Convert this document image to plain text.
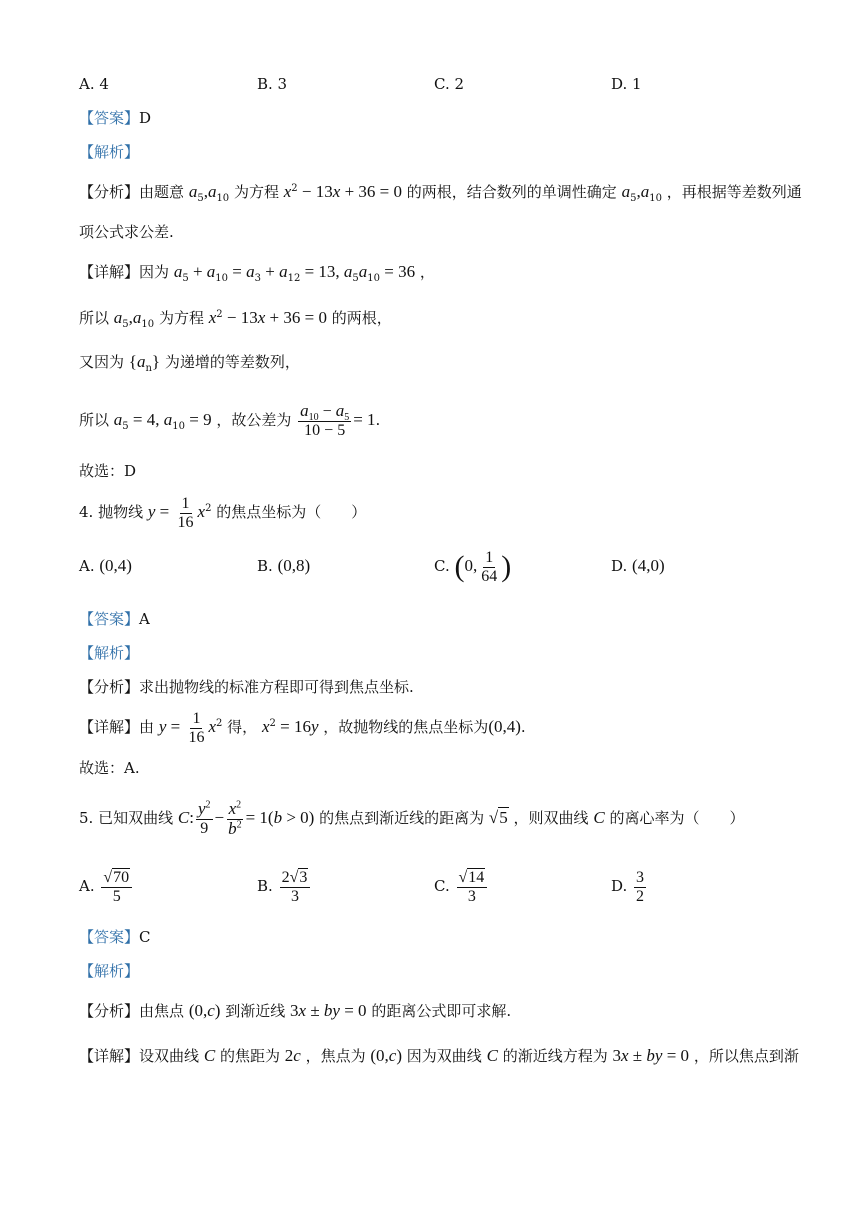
A. 4	B. 3	C. 2	D. 1
【答案】D
【解析】
【分析】由题意 $a_5,a_{10}$ 为方程 $x^2 - 13x + 36 = 0$ 的两根，结合数列的单调性确定 $a_5,a_{10}$ ，再根据等差数列通
项公式求公差.
【详解】因为 $a_5 + a_{10} = a_3 + a_{12} = 13$, $a_5a_{10} = 36$ ，
所以 $a_5,a_{10}$ 为方程 $x^2 - 13x + 36 = 0$ 的两根，
又因为 $\{a_n\}$ 为递增的等差数列，
所以 $a_5 = 4$, $a_{10} = 9$ ，故公差为 $\frac{a_{10} - a_5}{10 - 5} = 1$.
故选：D
4. 抛物线 $y = \frac{1}{16} x^2$ 的焦点坐标为（　　）
A. (0,4)	B. (0,8)	C. (0, $\frac{1}{64}$ )	D. (4,0)
【答案】A
【解析】
【分析】求出抛物线的标准方程即可得到焦点坐标.
【详解】由 $y = \frac{1}{16} x^2$ 得， $x^2 = 16y$ ，故抛物线的焦点坐标为(0,4).
故选：A.
5. 已知双曲线 C: $\frac{y^2}{9} - \frac{x^2}{b^2} = 1(b > 0)$ 的焦点到渐近线的距离为 √5 ，则双曲线 C 的离心率为（　　）
A. $\frac{√70}{5}$	B. $\frac{2√3}{3}$	C. $\frac{√14}{3}$	D. $\frac{3}{2}$
【答案】C
【解析】
【分析】由焦点 (0,c) 到渐近线 3x ± by = 0 的距离公式即可求解.
【详解】设双曲线 C 的焦距为 2c ，焦点为 (0,c) 因为双曲线 C 的渐近线方程为 3x ± by = 0 ，所以焦点到渐
